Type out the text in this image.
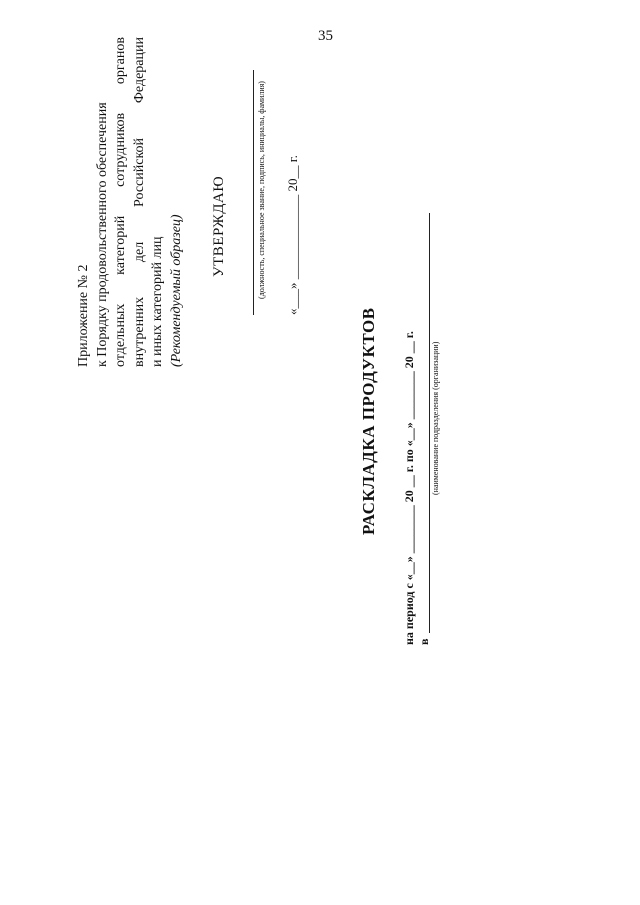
35
Приложение № 2 к Порядку продовольственного обеспечения отдельных категорий сотрудников органов внутренних дел Российской Федерации и иных категорий лиц (Рекомендуемый образец) УТВЕРЖДАЮ	(должность, специальное звание, подпись, инициалы, фамилия) «___» _____________ 20__ г.
РАСКЛАДКА ПРОДУКТОВ на период с «__» ________ 20 __ г. по «__» ________ 20 __ г. в
(наименование подразделения (организации)
